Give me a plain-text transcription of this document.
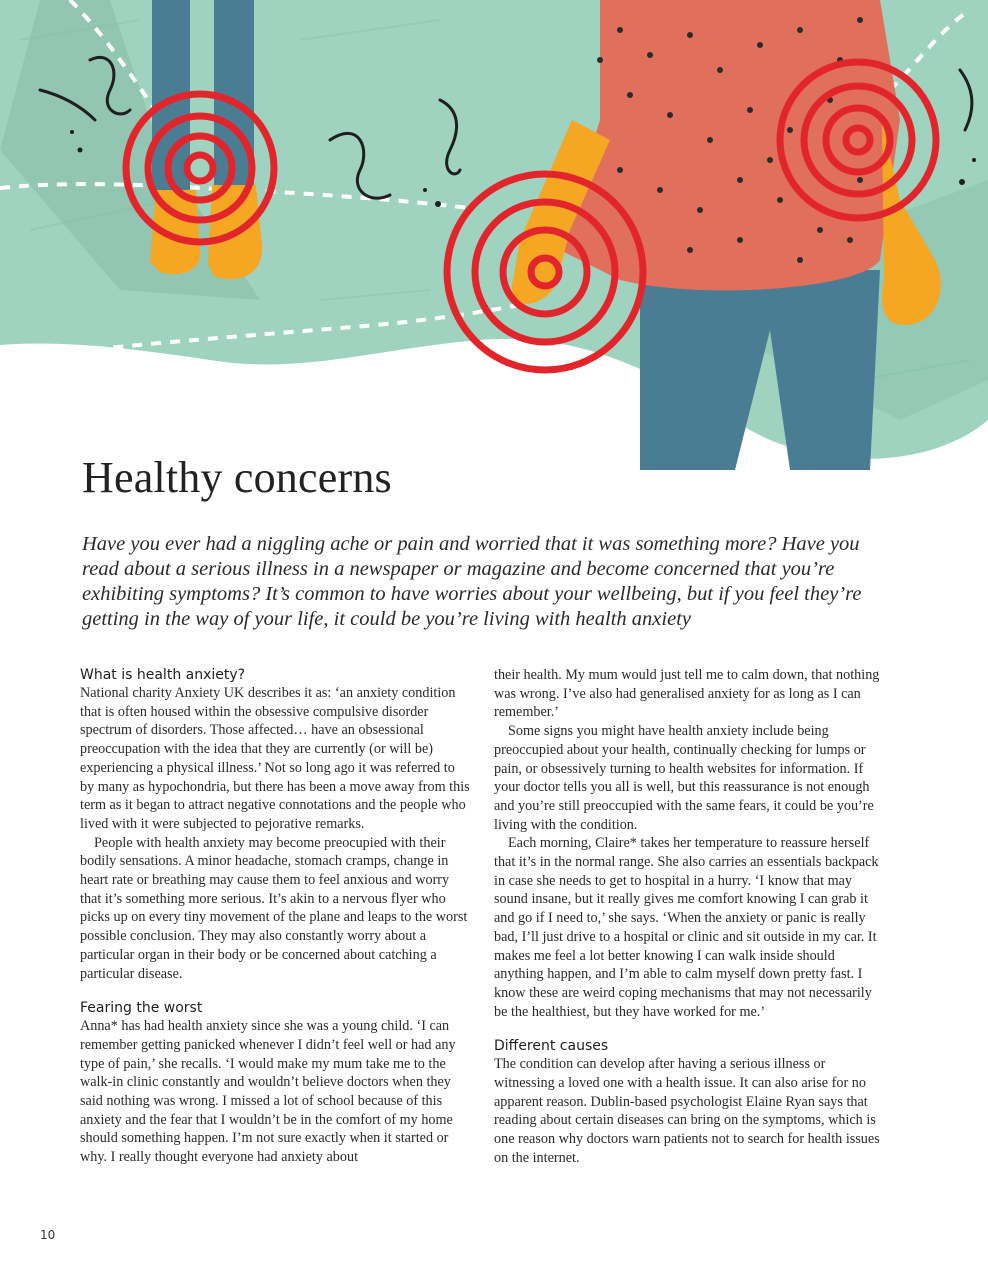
Healthy concerns

Have you ever had a niggling ache or pain and worried that it was something more? Have you read about a serious illness in a newspaper or magazine and become concerned that you’re exhibiting symptoms? It’s common to have worries about your wellbeing, but if you feel they’re getting in the way of your life, it could be you’re living with health anxiety

What is health anxiety?

National charity Anxiety UK describes it as: ‘an anxiety condition that is often housed within the obsessive compulsive disorder spectrum of disorders. Those affected… have an obsessional preoccupation with the idea that they are currently (or will be) experiencing a physical illness.’ Not so long ago it was referred to by many as hypochondria, but there has been a move away from this term as it began to attract negative connotations and the people who lived with it were subjected to pejorative remarks.

People with health anxiety may become preocupied with their bodily sensations. A minor headache, stomach cramps, change in heart rate or breathing may cause them to feel anxious and worry that it’s something more serious. It’s akin to a nervous flyer who picks up on every tiny movement of the plane and leaps to the worst possible conclusion. They may also constantly worry about a particular organ in their body or be concerned about catching a particular disease.

Fearing the worst

Anna* has had health anxiety since she was a young child. ‘I can remember getting panicked whenever I didn’t feel well or had any type of pain,’ she recalls. ‘I would make my mum take me to the walk-in clinic constantly and wouldn’t believe doctors when they said nothing was wrong. I missed a lot of school because of this anxiety and the fear that I wouldn’t be in the comfort of my home should something happen. I’m not sure exactly when it started or why. I really thought everyone had anxiety about

their health. My mum would just tell me to calm down, that nothing was wrong. I’ve also had generalised anxiety for as long as I can remember.’

Some signs you might have health anxiety include being preoccupied about your health, continually checking for lumps or pain, or obsessively turning to health websites for information. If your doctor tells you all is well, but this reassurance is not enough and you’re still preoccupied with the same fears, it could be you’re living with the condition.

Each morning, Claire* takes her temperature to reassure herself that it’s in the normal range. She also carries an essentials backpack in case she needs to get to hospital in a hurry. ‘I know that may sound insane, but it really gives me comfort knowing I can grab it and go if I need to,’ she says. ‘When the anxiety or panic is really bad, I’ll just drive to a hospital or clinic and sit outside in my car. It makes me feel a lot better knowing I can walk inside should anything happen, and I’m able to calm myself down pretty fast. I know these are weird coping mechanisms that may not necessarily be the healthiest, but they have worked for me.’

Different causes

The condition can develop after having a serious illness or witnessing a loved one with a health issue. It can also arise for no apparent reason. Dublin-based psychologist Elaine Ryan says that reading about certain diseases can bring on the symptoms, which is one reason why doctors warn patients not to search for health issues on the internet.

10
